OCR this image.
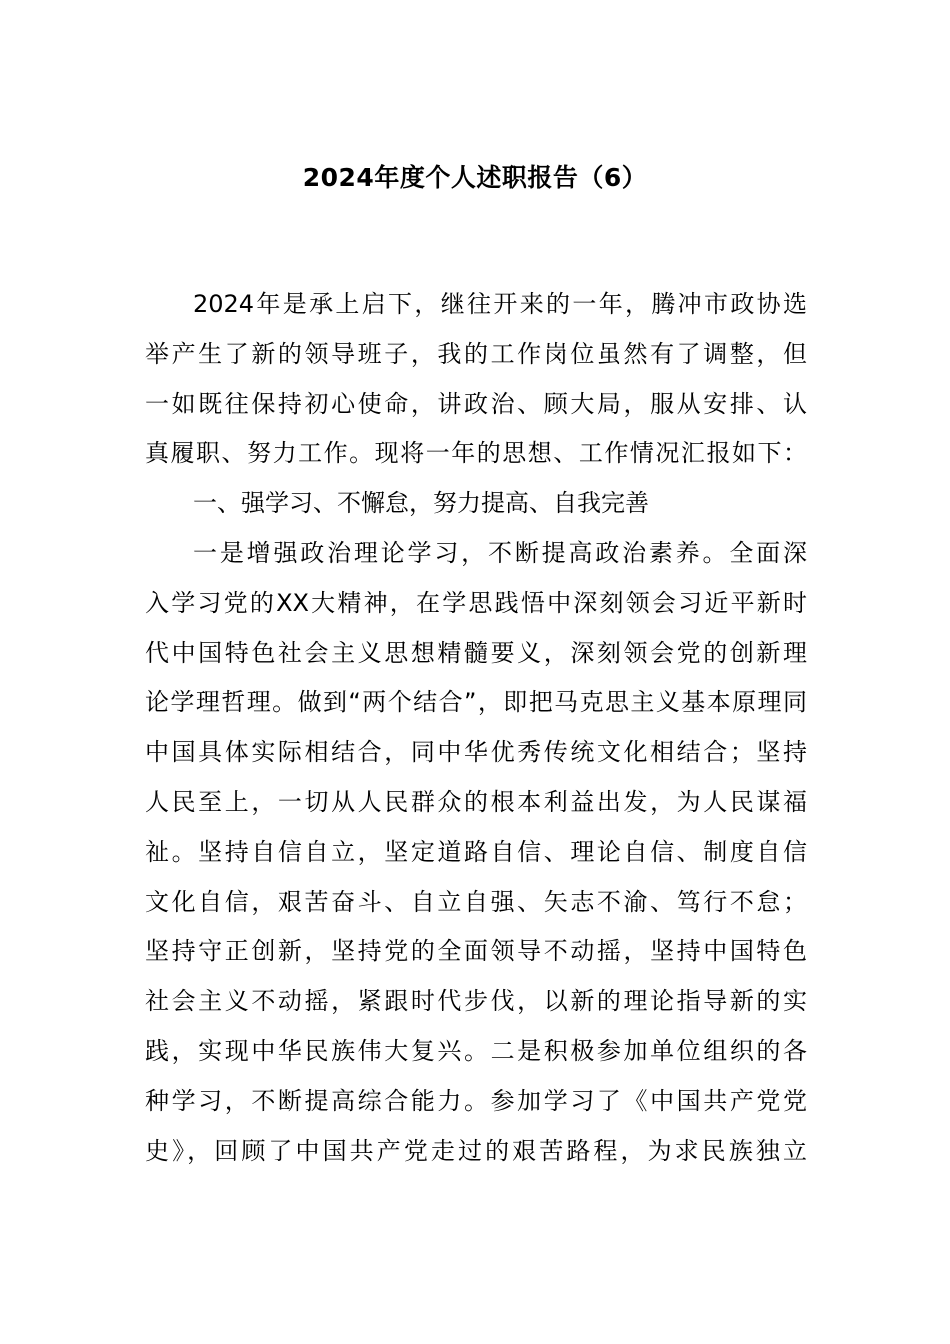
2024年度个人述职报告（6）
2024年是承上启下，继往开来的一年，腾冲市政协选
举产生了新的领导班子，我的工作岗位虽然有了调整，但
一如既往保持初心使命，讲政治、顾大局，服从安排、认
真履职、努力工作。现将一年的思想、工作情况汇报如下：
一、强学习、不懈怠，努力提高、自我完善
一是增强政治理论学习，不断提高政治素养。全面深
入学习党的XX大精神，在学思践悟中深刻领会习近平新时
代中国特色社会主义思想精髓要义，深刻领会党的创新理
论学理哲理。做到“两个结合”，即把马克思主义基本原理同
中国具体实际相结合，同中华优秀传统文化相结合；坚持
人民至上，一切从人民群众的根本利益出发，为人民谋福
祉。坚持自信自立，坚定道路自信、理论自信、制度自信
文化自信，艰苦奋斗、自立自强、矢志不渝、笃行不怠；
坚持守正创新，坚持党的全面领导不动摇，坚持中国特色
社会主义不动摇，紧跟时代步伐，以新的理论指导新的实
践，实现中华民族伟大复兴。二是积极参加单位组织的各
种学习，不断提高综合能力。参加学习了《中国共产党党
史》，回顾了中国共产党走过的艰苦路程，为求民族独立
